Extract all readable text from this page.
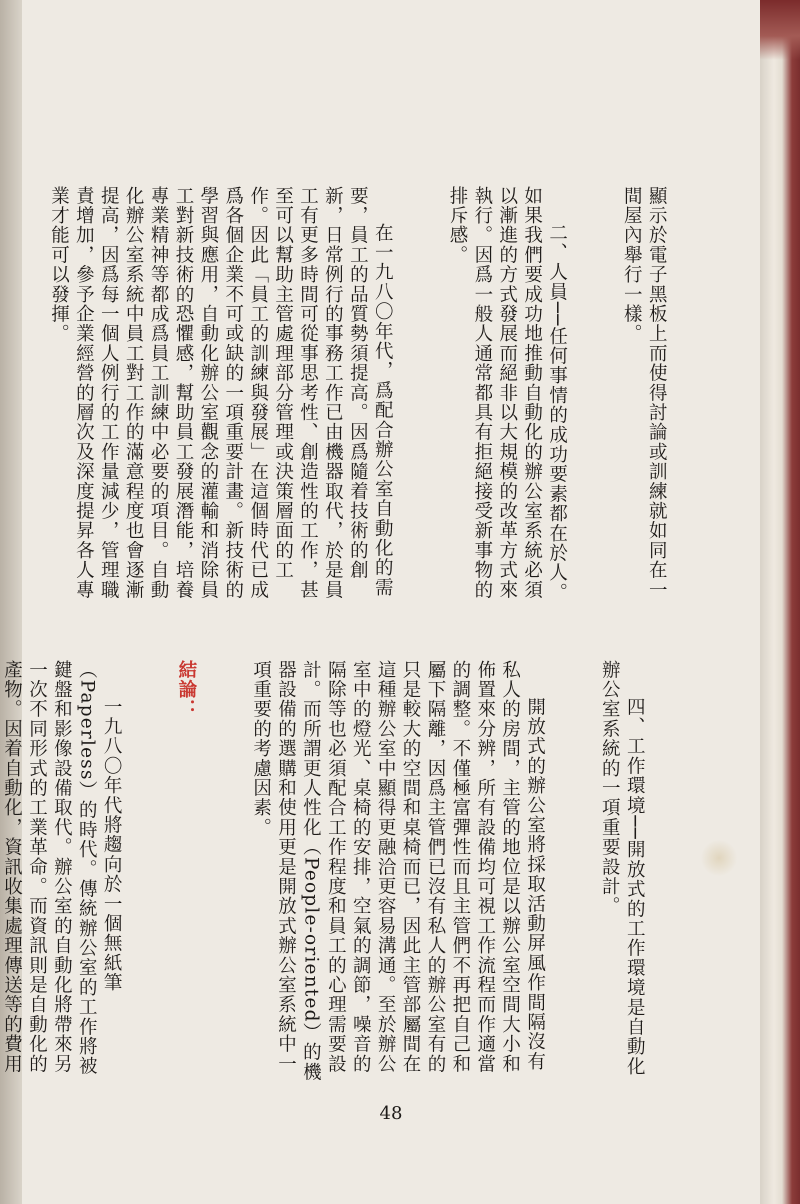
顯示於電子黑板上而使得討論或訓練就如同在一間屋內舉行一樣。

二、人員──任何事情的成功要素都在於人。如果我們要成功地推動自動化的辦公室系統必須以漸進的方式發展而絕非以大規模的改革方式來執行。因爲一般人通常都具有拒絕接受新事物的排斥感。

在一九八〇年代，爲配合辦公室自動化的需要，員工的品質勢須提高。因爲隨着技術的創新，日常例行的事務工作已由機器取代，於是員工有更多時間可從事思考性、創造性的工作，甚至可以幫助主管處理部分管理或決策層面的工作。因此「員工的訓練與發展」在這個時代已成爲各個企業不可或缺的一項重要計畫。新技術的學習與應用，自動化辦公室觀念的灌輸和消除員工對新技術的恐懼感，幫助員工發展潛能，培養專業精神等都成爲員工訓練中必要的項目。自動化辦公室系統中員工對工作的滿意程度也會逐漸提高，因爲每一個人例行的工作量減少，管理職責增加，參予企業經營的層次及深度提昇各人專業才能可以發揮。

四、工作環境──開放式的工作環境是自動化辦公室系統的一項重要設計。

開放式的辦公室將採取活動屏風作間隔沒有私人的房間，主管的地位是以辦公室空間大小和佈置來分辨，所有設備均可視工作流程而作適當的調整。不僅極富彈性而且主管們不再把自己和屬下隔離，因爲主管們已沒有私人的辦公室有的只是較大的空間和桌椅而已，因此主管部屬間在這種辦公室中顯得更融洽更容易溝通。至於辦公室中的燈光、桌椅的安排，空氣的調節，噪音的隔除等也必須配合工作程度和員工的心理需要設計。而所謂更人性化（People-oriented）的機器設備的選購和使用更是開放式辦公室系統中一項重要的考慮因素。

結論：

一九八〇年代將趨向於一個無紙筆（Paperless）的時代。傳統辦公室的工作將被鍵盤和影像設備取代。辦公室的自動化將帶來另一次不同形式的工業革命。而資訊則是自動化的產物。因着自動化，資訊收集處理傳送等的費用

48
